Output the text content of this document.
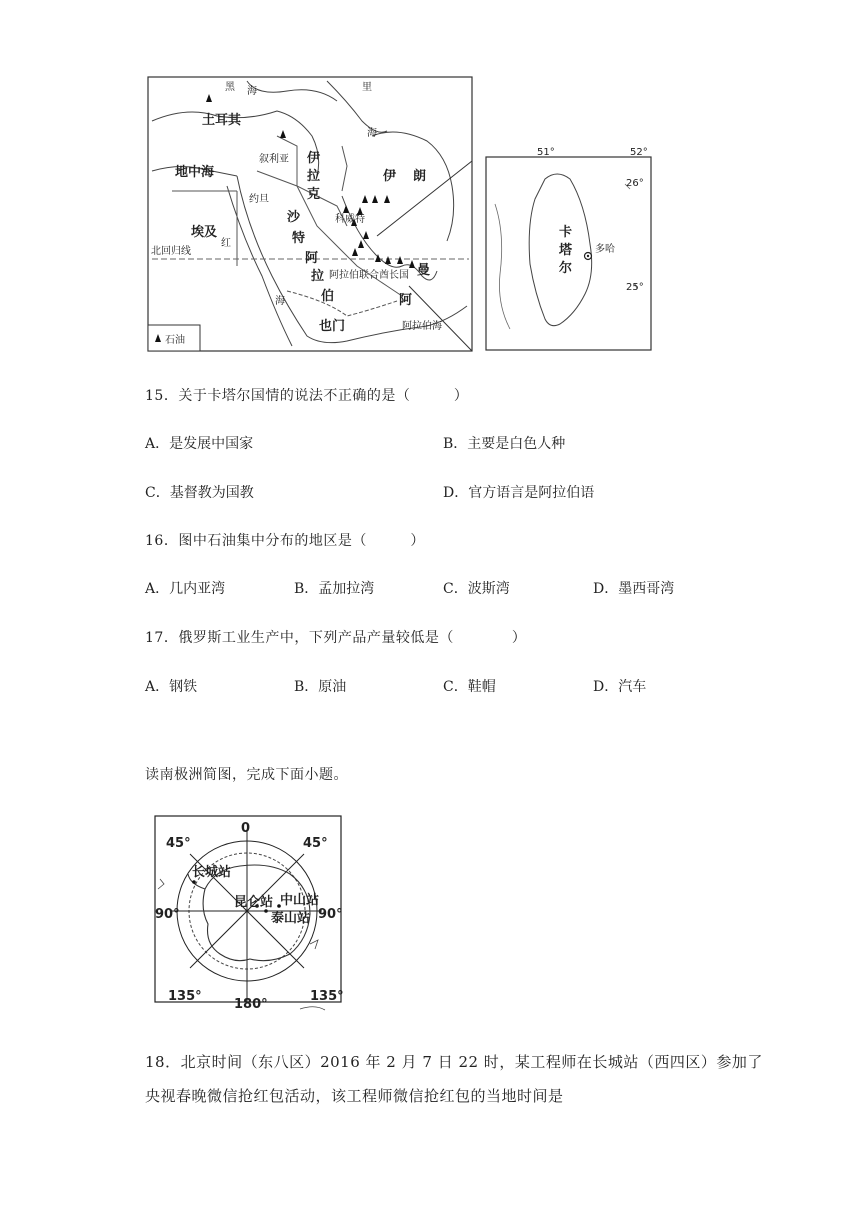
黑 海	里
海
土耳其
叙利亚 伊
拉
克
伊 朗
地中海
约旦
沙
特
阿
拉
伯
科威特
埃及
红
海
北回归线
阿拉伯联合酋长国 曼
阿
也门	阿拉伯海
石油
51°	52°
26°
25°
卡
塔
尔
多哈
15．关于卡塔尔国情的说法不正确的是（　　　）
A．是发展中国家	B．主要是白色人种
C．基督教为国教	D．官方语言是阿拉伯语
16．图中石油集中分布的地区是（　　　）
A．几内亚湾	B．孟加拉湾	C．波斯湾	D．墨西哥湾
17．俄罗斯工业生产中，下列产品产量较低是（　　　　）
A．钢铁	B．原油	C．鞋帽	D．汽车
读南极洲简图，完成下面小题。
0
45°	45°
90°	90°
135°	135°
180°
长城站
昆仑站 中山站
泰山站
18．北京时间（东八区）2016 年 2 月 7 日 22 时，某工程师在长城站（西四区）参加了
央视春晚微信抢红包活动，该工程师微信抢红包的当地时间是
